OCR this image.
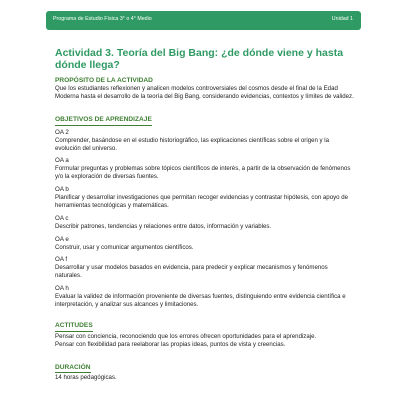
Programa de Estudio Física 3° o 4° Medio	Unidad 1
Actividad 3. Teoría del Big Bang: ¿de dónde viene y hasta dónde llega?
PROPÓSITO DE LA ACTIVIDAD

Que los estudiantes reflexionen y analicen modelos controversiales del cosmos desde el final de la Edad Moderna hasta el desarrollo de la teoría del Big Bang, considerando evidencias, contextos y límites de validez.

OBJETIVOS DE APRENDIZAJE

OA 2

Comprender, basándose en el estudio historiográfico, las explicaciones científicas sobre el origen y la evolución del universo.

OA a

Formular preguntas y problemas sobre tópicos científicos de interés, a partir de la observación de fenómenos y/o la exploración de diversas fuentes.

OA b

Planificar y desarrollar investigaciones que permitan recoger evidencias y contrastar hipótesis, con apoyo de herramientas tecnológicas y matemáticas.

OA c

Describir patrones, tendencias y relaciones entre datos, información y variables.

OA e

Construir, usar y comunicar argumentos científicos.

OA f

Desarrollar y usar modelos basados en evidencia, para predecir y explicar mecanismos y fenómenos naturales.

OA h

Evaluar la validez de información proveniente de diversas fuentes, distinguiendo entre evidencia científica e interpretación, y analizar sus alcances y limitaciones.

ACTITUDES

Pensar con conciencia, reconociendo que los errores ofrecen oportunidades para el aprendizaje.

Pensar con flexibilidad para reelaborar las propias ideas, puntos de vista y creencias.

DURACIÓN

14 horas pedagógicas.
